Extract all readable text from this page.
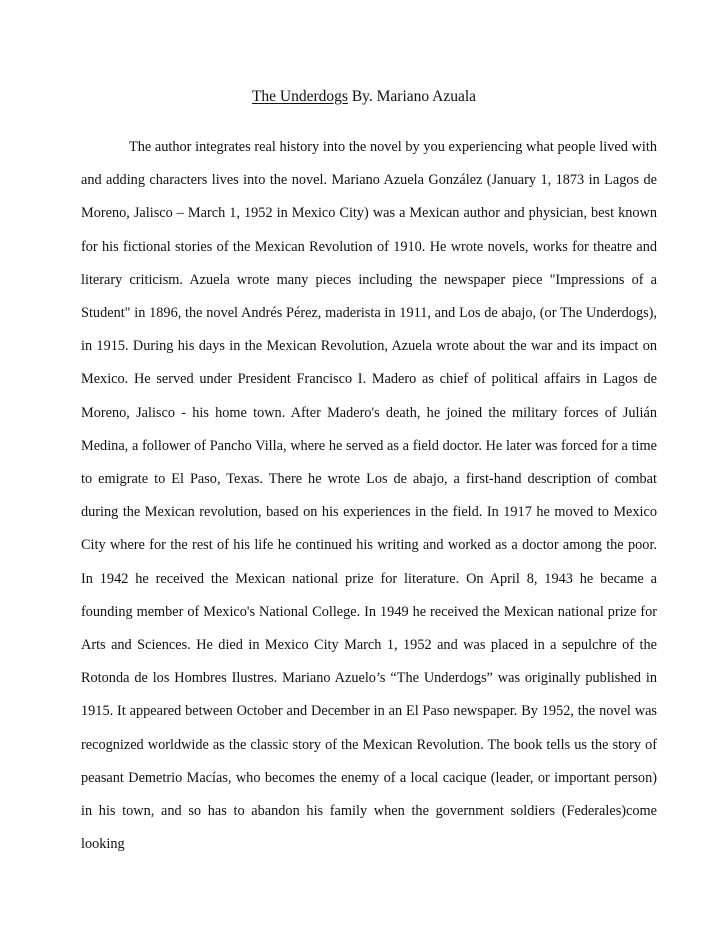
The Underdogs By. Mariano Azuala

The author integrates real history into the novel by you experiencing what people lived with and adding characters lives into the novel. Mariano Azuela González (January 1, 1873 in Lagos de Moreno, Jalisco – March 1, 1952 in Mexico City) was a Mexican author and physician, best known for his fictional stories of the Mexican Revolution of 1910. He wrote novels, works for theatre and literary criticism. Azuela wrote many pieces including the newspaper piece "Impressions of a Student" in 1896, the novel Andrés Pérez, maderista in 1911, and Los de abajo, (or The Underdogs), in 1915. During his days in the Mexican Revolution, Azuela wrote about the war and its impact on Mexico. He served under President Francisco I. Madero as chief of political affairs in Lagos de Moreno, Jalisco - his home town. After Madero's death, he joined the military forces of Julián Medina, a follower of Pancho Villa, where he served as a field doctor. He later was forced for a time to emigrate to El Paso, Texas. There he wrote Los de abajo, a first-hand description of combat during the Mexican revolution, based on his experiences in the field. In 1917 he moved to Mexico City where for the rest of his life he continued his writing and worked as a doctor among the poor. In 1942 he received the Mexican national prize for literature. On April 8, 1943 he became a founding member of Mexico's National College. In 1949 he received the Mexican national prize for Arts and Sciences. He died in Mexico City March 1, 1952 and was placed in a sepulchre of the Rotonda de los Hombres Ilustres. Mariano Azuelo’s “The Underdogs” was originally published in 1915. It appeared between October and December in an El Paso newspaper. By 1952, the novel was recognized worldwide as the classic story of the Mexican Revolution. The book tells us the story of peasant Demetrio Macías, who becomes the enemy of a local cacique (leader, or important person) in his town, and so has to abandon his family when the government soldiers (Federales)come looking
